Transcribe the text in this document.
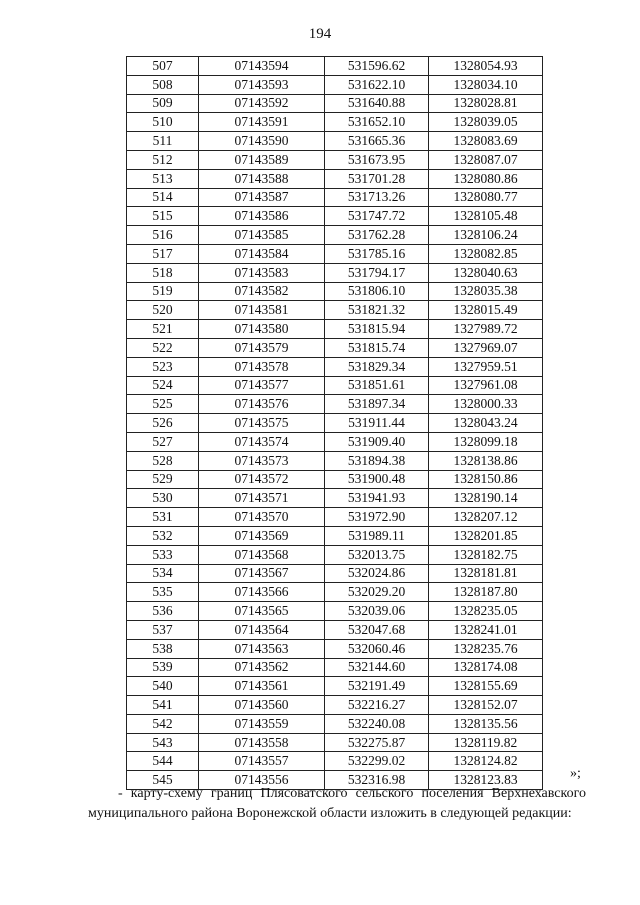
194
507	07143594	531596.62	1328054.93
508	07143593	531622.10	1328034.10
509	07143592	531640.88	1328028.81
510	07143591	531652.10	1328039.05
511	07143590	531665.36	1328083.69
512	07143589	531673.95	1328087.07
513	07143588	531701.28	1328080.86
514	07143587	531713.26	1328080.77
515	07143586	531747.72	1328105.48
516	07143585	531762.28	1328106.24
517	07143584	531785.16	1328082.85
518	07143583	531794.17	1328040.63
519	07143582	531806.10	1328035.38
520	07143581	531821.32	1328015.49
521	07143580	531815.94	1327989.72
522	07143579	531815.74	1327969.07
523	07143578	531829.34	1327959.51
524	07143577	531851.61	1327961.08
525	07143576	531897.34	1328000.33
526	07143575	531911.44	1328043.24
527	07143574	531909.40	1328099.18
528	07143573	531894.38	1328138.86
529	07143572	531900.48	1328150.86
530	07143571	531941.93	1328190.14
531	07143570	531972.90	1328207.12
532	07143569	531989.11	1328201.85
533	07143568	532013.75	1328182.75
534	07143567	532024.86	1328181.81
535	07143566	532029.20	1328187.80
536	07143565	532039.06	1328235.05
537	07143564	532047.68	1328241.01
538	07143563	532060.46	1328235.76
539	07143562	532144.60	1328174.08
540	07143561	532191.49	1328155.69
541	07143560	532216.27	1328152.07
542	07143559	532240.08	1328135.56
543	07143558	532275.87	1328119.82
544	07143557	532299.02	1328124.82
545	07143556	532316.98	1328123.83	»;
- карту-схему границ Плясоватского сельского поселения Верхнехавского муниципального района Воронежской области изложить в следующей редакции:
